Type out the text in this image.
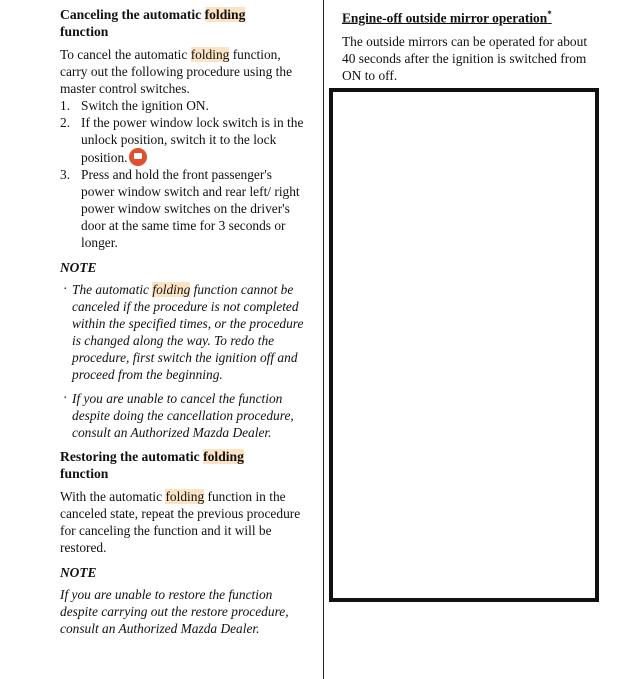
Canceling the automatic folding
function

To cancel the automatic folding function, carry out the following procedure using the master control switches.

1. Switch the ignition ON.
2. If the power window lock switch is in the unlock position, switch it to the lock position.
3. Press and hold the front passenger's power window switch and rear left/ right power window switches on the driver's door at the same time for 3 seconds or longer.
NOTE
· The automatic folding function cannot be canceled if the procedure is not completed within the specified times, or the procedure is changed along the way. To redo the procedure, first switch the ignition off and proceed from the beginning.
· If you are unable to cancel the function despite doing the cancellation procedure, consult an Authorized Mazda Dealer.
Restoring the automatic folding
function

With the automatic folding function in the canceled state, repeat the previous procedure for canceling the function and it will be restored.

NOTE

If you are unable to restore the function despite carrying out the restore procedure, consult an Authorized Mazda Dealer.

Engine-off outside mirror operation*

The outside mirrors can be operated for about 40 seconds after the ignition is switched from ON to off.
